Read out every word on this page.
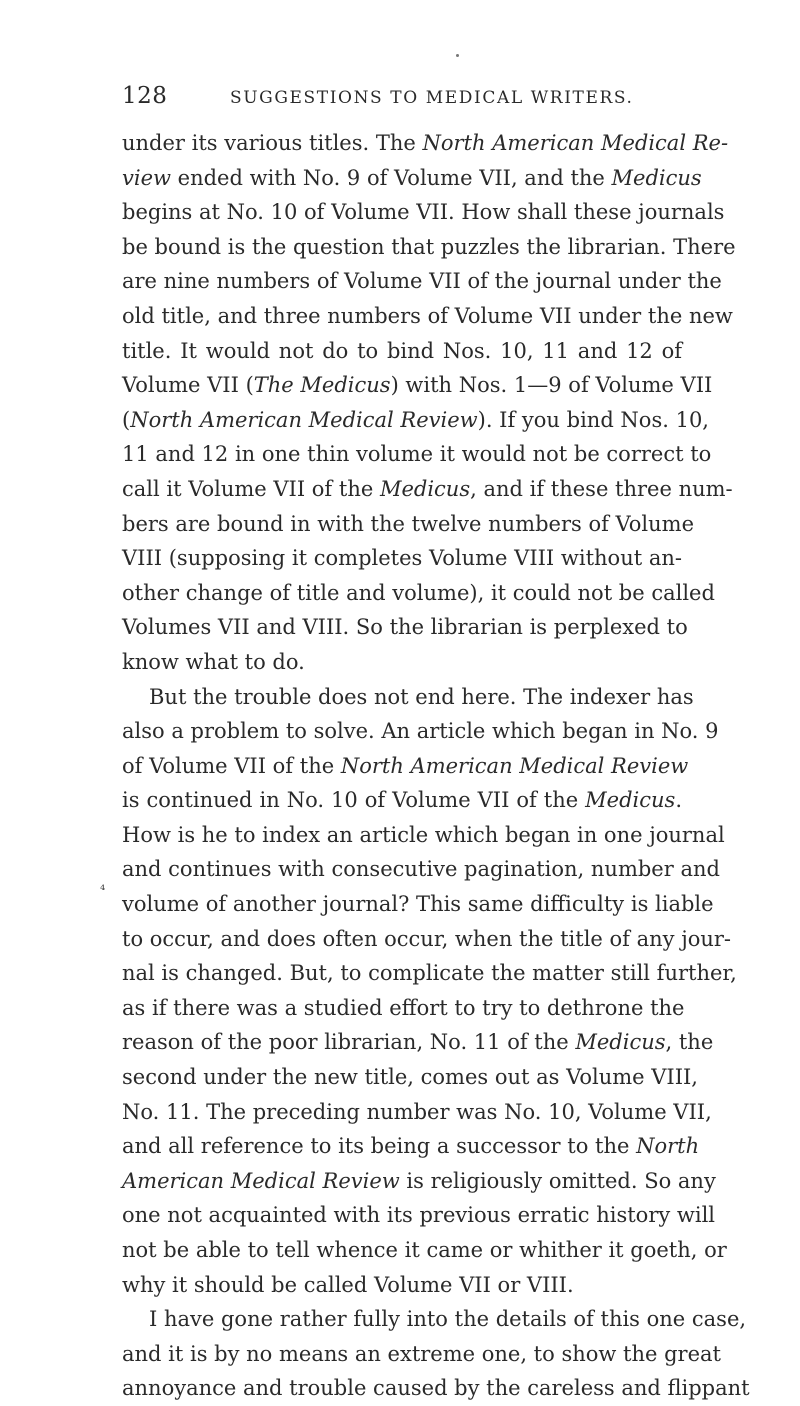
128	SUGGESTIONS TO MEDICAL WRITERS.
⁴
under its various titles. The North American Medical Re-
view ended with No. 9 of Volume VII, and the Medicus
begins at No. 10 of Volume VII. How shall these journals
be bound is the question that puzzles the librarian. There
are nine numbers of Volume VII of the journal under the
old title, and three numbers of Volume VII under the new
title. It would not do to bind Nos. 10, 11 and 12 of
Volume VII (The Medicus) with Nos. 1—9 of Volume VII
(North American Medical Review). If you bind Nos. 10,
11 and 12 in one thin volume it would not be correct to
call it Volume VII of the Medicus, and if these three num-
bers are bound in with the twelve numbers of Volume
VIII (supposing it completes Volume VIII without an-
other change of title and volume), it could not be called
Volumes VII and VIII. So the librarian is perplexed to
know what to do.
But the trouble does not end here. The indexer has
also a problem to solve. An article which began in No. 9
of Volume VII of the North American Medical Review
is continued in No. 10 of Volume VII of the Medicus.
How is he to index an article which began in one journal
and continues with consecutive pagination, number and
volume of another journal? This same difficulty is liable
to occur, and does often occur, when the title of any jour-
nal is changed. But, to complicate the matter still further,
as if there was a studied effort to try to dethrone the
reason of the poor librarian, No. 11 of the Medicus, the
second under the new title, comes out as Volume VIII,
No. 11. The preceding number was No. 10, Volume VII,
and all reference to its being a successor to the North
American Medical Review is religiously omitted. So any
one not acquainted with its previous erratic history will
not be able to tell whence it came or whither it goeth, or
why it should be called Volume VII or VIII.
I have gone rather fully into the details of this one case,
and it is by no means an extreme one, to show the great
annoyance and trouble caused by the careless and flippant
